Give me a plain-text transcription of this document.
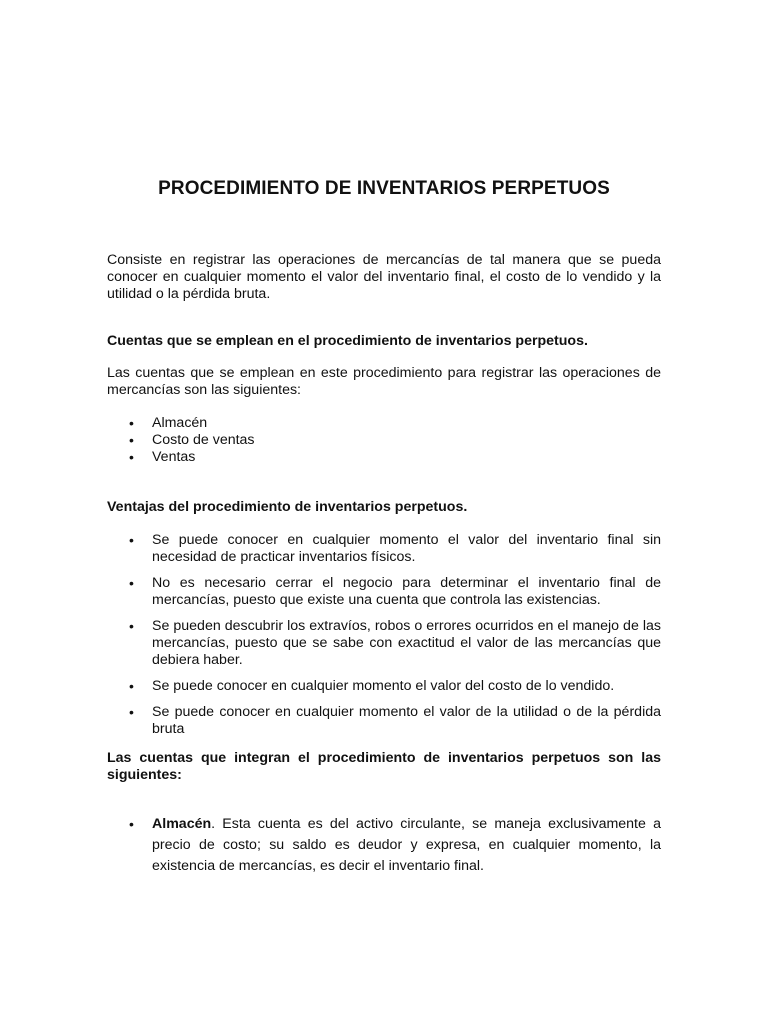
PROCEDIMIENTO DE INVENTARIOS PERPETUOS

Consiste en registrar las operaciones de mercancías de tal manera que se pueda conocer en cualquier momento el valor del inventario final, el costo de lo vendido y la utilidad o la pérdida bruta.

Cuentas que se emplean en el procedimiento de inventarios perpetuos.

Las cuentas que se emplean en este procedimiento para registrar las operaciones de mercancías son las siguientes:

• Almacén
• Costo de ventas
• Ventas

Ventajas del procedimiento de inventarios perpetuos.

• Se puede conocer en cualquier momento el valor del inventario final sin necesidad de practicar inventarios físicos.
• No es necesario cerrar el negocio para determinar el inventario final de mercancías, puesto que existe una cuenta que controla las existencias.
• Se pueden descubrir los extravíos, robos o errores ocurridos en el manejo de las mercancías, puesto que se sabe con exactitud el valor de las mercancías que debiera haber.
• Se puede conocer en cualquier momento el valor del costo de lo vendido.
• Se puede conocer en cualquier momento el valor de la utilidad o de la pérdida bruta

Las cuentas que integran el procedimiento de inventarios perpetuos son las siguientes:

• Almacén. Esta cuenta es del activo circulante, se maneja exclusivamente a precio de costo; su saldo es deudor y expresa, en cualquier momento, la existencia de mercancías, es decir el inventario final.
